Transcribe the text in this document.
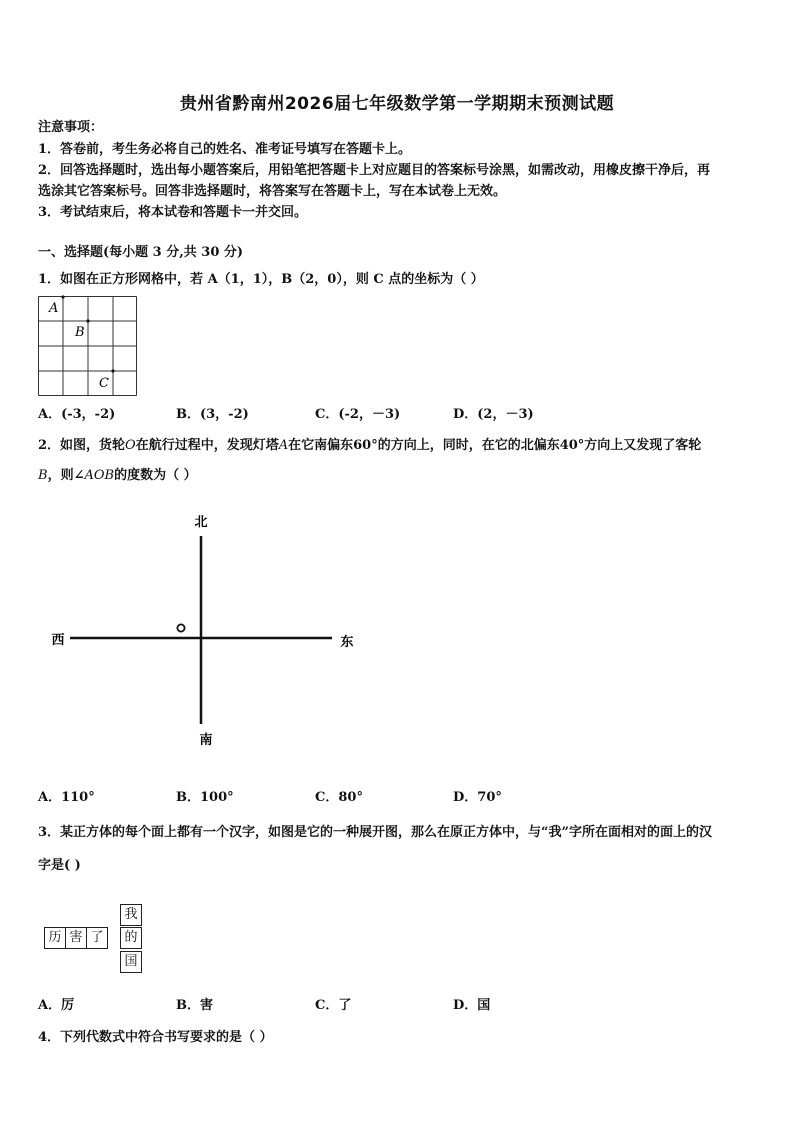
贵州省黔南州2026届七年级数学第一学期期末预测试题
注意事项：
1．答卷前，考生务必将自己的姓名、准考证号填写在答题卡上。
2．回答选择题时，选出每小题答案后，用铅笔把答题卡上对应题目的答案标号涂黑，如需改动，用橡皮擦干净后，再
选涂其它答案标号。回答非选择题时，将答案写在答题卡上，写在本试卷上无效。
3．考试结束后，将本试卷和答题卡一并交回。
一、选择题(每小题 3 分,共 30 分)
1．如图在正方形网格中，若 A（1，1），B（2，0），则 C 点的坐标为（ ）
A
B
C
A．(-3，-2)	B．(3，-2)	C．(-2，－3)	D．(2，－3)
2．如图，货轮O在航行过程中，发现灯塔A在它南偏东60°的方向上，同时，在它的北偏东40°方向上又发现了客轮
B，则∠AOB的度数为（ ）
北
南
东
西
A．110°	B．100°	C．80°	D．70°
3．某正方体的每个面上都有一个汉字，如图是它的一种展开图，那么在原正方体中，与“我”字所在面相对的面上的汉
字是( )
历 害 了	的
我
国
A．厉	B．害	C．了	D．国
4．下列代数式中符合书写要求的是（ ）
